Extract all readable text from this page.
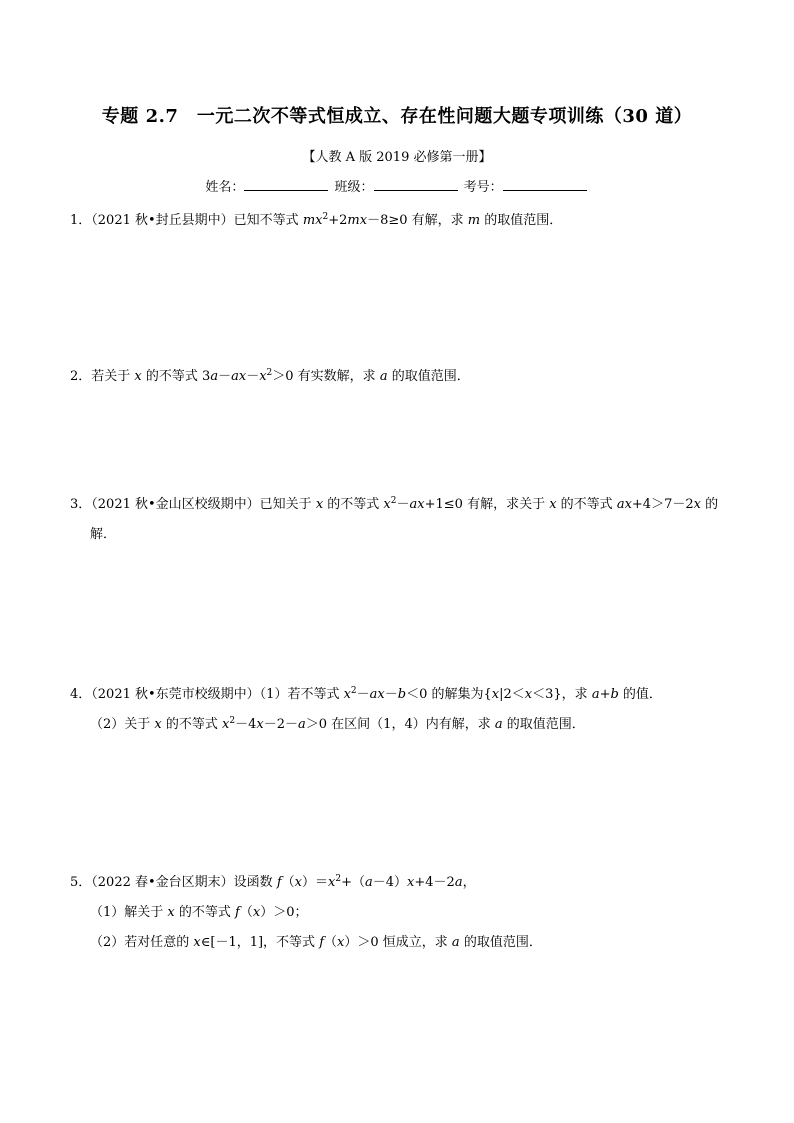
专题 2.7　一元二次不等式恒成立、存在性问题大题专项训练（30 道）
【人教 A 版 2019 必修第一册】
姓名：	班级：	考号：
1．（2021 秋•封丘县期中）已知不等式 $mx^2+2mx-8\ge 0$ 有解，求 m 的取值范围．
2．若关于 x 的不等式 $3a-ax-x^2>0$ 有实数解，求 a 的取值范围．
3．（2021 秋•金山区校级期中）已知关于 x 的不等式 $x^2-ax+1\le 0$ 有解，求关于 x 的不等式 ax+4＞7－2x 的
解．
4．（2021 秋•东莞市校级期中）（1）若不等式 $x^2-ax-b<0$ 的解集为{x|2＜x＜3}，求 a+b 的值．
（2）关于 x 的不等式 $x^2-4x-2-a>0$ 在区间（1，4）内有解，求 a 的取值范围．
5．（2022 春•金台区期末）设函数 $f(x)=x^2+(a-4)x+4-2a$，
（1）解关于 x 的不等式 f（x）＞0；
（2）若对任意的 x∈[－1，1]，不等式 f（x）＞0 恒成立，求 a 的取值范围．
